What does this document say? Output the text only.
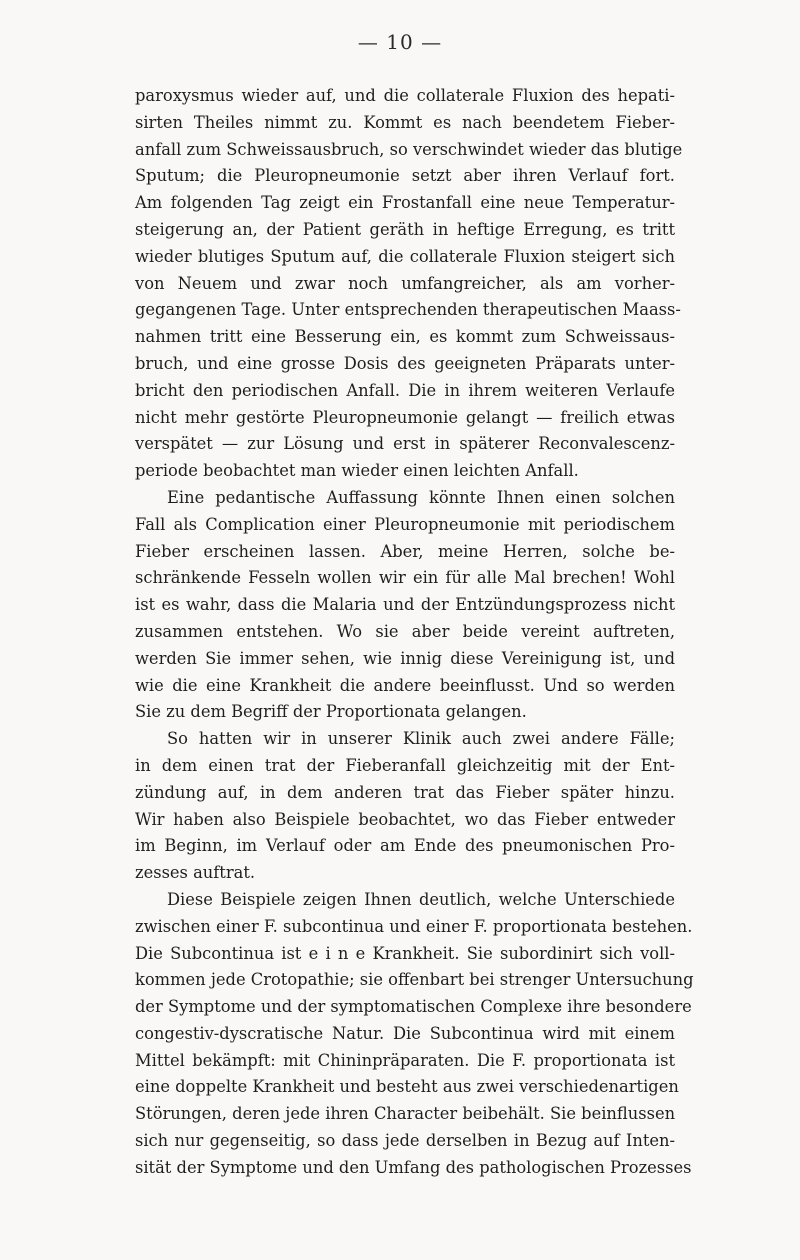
— 10 —
paroxysmus wieder auf, und die collaterale Fluxion des hepati-
sirten Theiles nimmt zu. Kommt es nach beendetem Fieber-
anfall zum Schweissausbruch, so verschwindet wieder das blutige
Sputum; die Pleuropneumonie setzt aber ihren Verlauf fort.
Am folgenden Tag zeigt ein Frostanfall eine neue Temperatur-
steigerung an, der Patient geräth in heftige Erregung, es tritt
wieder blutiges Sputum auf, die collaterale Fluxion steigert sich
von Neuem und zwar noch umfangreicher, als am vorher-
gegangenen Tage. Unter entsprechenden therapeutischen Maass-
nahmen tritt eine Besserung ein, es kommt zum Schweissaus-
bruch, und eine grosse Dosis des geeigneten Präparats unter-
bricht den periodischen Anfall. Die in ihrem weiteren Verlaufe
nicht mehr gestörte Pleuropneumonie gelangt — freilich etwas
verspätet — zur Lösung und erst in späterer Reconvalescenz-
periode beobachtet man wieder einen leichten Anfall.
Eine pedantische Auffassung könnte Ihnen einen solchen
Fall als Complication einer Pleuropneumonie mit periodischem
Fieber erscheinen lassen. Aber, meine Herren, solche be-
schränkende Fesseln wollen wir ein für alle Mal brechen! Wohl
ist es wahr, dass die Malaria und der Entzündungsprozess nicht
zusammen entstehen. Wo sie aber beide vereint auftreten,
werden Sie immer sehen, wie innig diese Vereinigung ist, und
wie die eine Krankheit die andere beeinflusst. Und so werden
Sie zu dem Begriff der Proportionata gelangen.
So hatten wir in unserer Klinik auch zwei andere Fälle;
in dem einen trat der Fieberanfall gleichzeitig mit der Ent-
zündung auf, in dem anderen trat das Fieber später hinzu.
Wir haben also Beispiele beobachtet, wo das Fieber entweder
im Beginn, im Verlauf oder am Ende des pneumonischen Pro-
zesses auftrat.
Diese Beispiele zeigen Ihnen deutlich, welche Unterschiede
zwischen einer F. subcontinua und einer F. proportionata bestehen.
Die Subcontinua ist e i n e Krankheit. Sie subordinirt sich voll-
kommen jede Crotopathie; sie offenbart bei strenger Untersuchung
der Symptome und der symptomatischen Complexe ihre besondere
congestiv-dyscratische Natur. Die Subcontinua wird mit einem
Mittel bekämpft: mit Chininpräparaten. Die F. proportionata ist
eine doppelte Krankheit und besteht aus zwei verschiedenartigen
Störungen, deren jede ihren Character beibehält. Sie beinflussen
sich nur gegenseitig, so dass jede derselben in Bezug auf Inten-
sität der Symptome und den Umfang des pathologischen Prozesses
